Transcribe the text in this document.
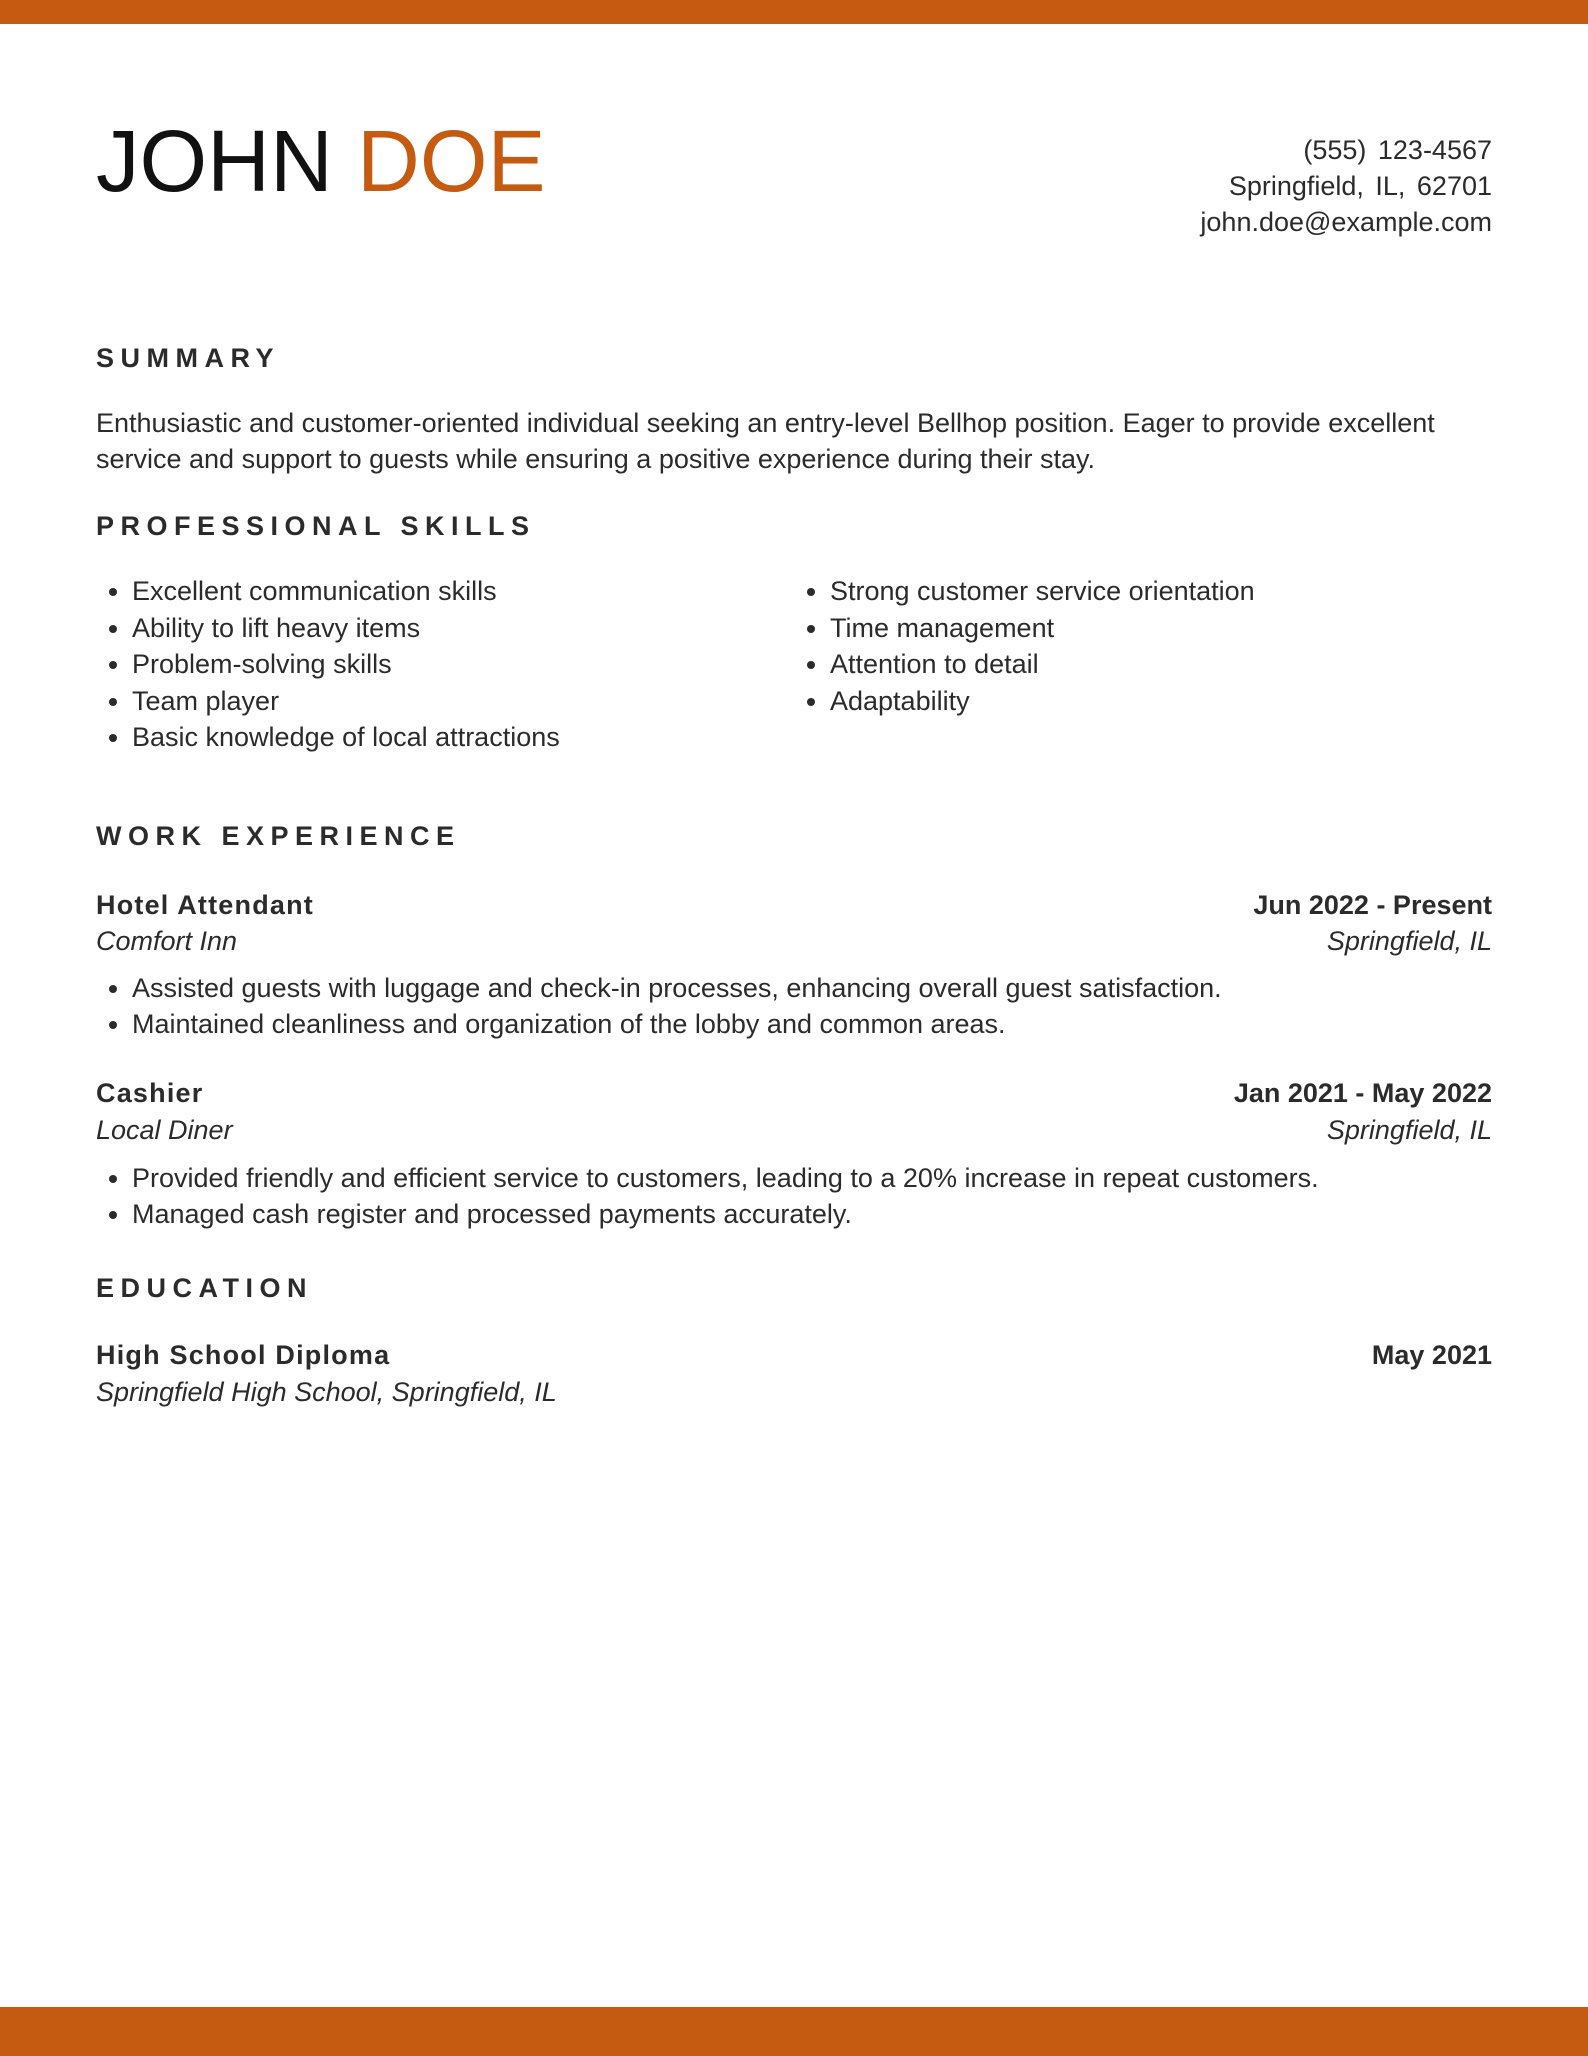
JOHN DOE	(555) 123-4567
Springfield, IL, 62701
john.doe@example.com
SUMMARY
Enthusiastic and customer-oriented individual seeking an entry-level Bellhop position. Eager to provide excellent service and support to guests while ensuring a positive experience during their stay.
PROFESSIONAL SKILLS
• Excellent communication skills
• Ability to lift heavy items
• Problem-solving skills
• Team player
• Basic knowledge of local attractions
• Strong customer service orientation
• Time management
• Attention to detail
• Adaptability
WORK EXPERIENCE
Hotel Attendant	Jun 2022 - Present
Comfort Inn	Springfield, IL
• Assisted guests with luggage and check-in processes, enhancing overall guest satisfaction.
• Maintained cleanliness and organization of the lobby and common areas.
Cashier	Jan 2021 - May 2022
Local Diner	Springfield, IL
• Provided friendly and efficient service to customers, leading to a 20% increase in repeat customers.
• Managed cash register and processed payments accurately.
EDUCATION
High School Diploma	May 2021
Springfield High School, Springfield, IL
